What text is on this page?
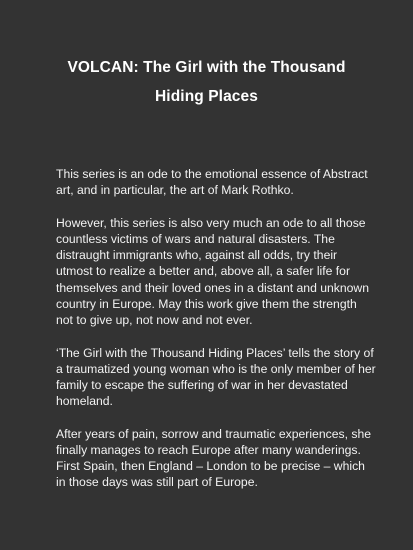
VOLCAN: The Girl with the Thousand
Hiding Places

This series is an ode to the emotional essence of Abstract art, and in particular, the art of Mark Rothko.

However, this series is also very much an ode to all those countless victims of wars and natural disasters. The distraught immigrants who, against all odds, try their utmost to realize a better and, above all, a safer life for themselves and their loved ones in a distant and unknown country in Europe. May this work give them the strength not to give up, not now and not ever.

‘The Girl with the Thousand Hiding Places’ tells the story of a traumatized young woman who is the only member of her family to escape the suffering of war in her devastated homeland.

After years of pain, sorrow and traumatic experiences, she finally manages to reach Europe after many wanderings. First Spain, then England – London to be precise – which in those days was still part of Europe.
